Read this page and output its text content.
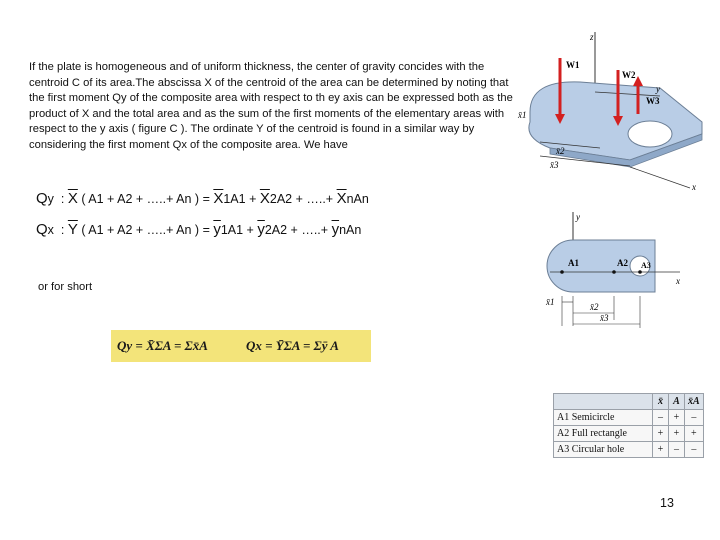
If the plate is homogeneous and of uniform thickness, the center of gravity concides with the centroid C of its area.The abscissa X of the centroid of the area can be determined by noting that the first moment Qy of the composite area with respect to th ey axis can be expressed both as the product of X and the total area and as the sum of the first moments of the elementary areas with respect to the y axis ( figure C ). The ordinate Y of the centroid is found in a similar way by considering the first moment Qx of the composite area. We have

Qy  : $\overline{X}$ ( A1 + A2 + …..+ An ) = $\overline{X}1A1 + \overline{X}2A2$ + …..+ $\overline{X}nAn$
Qx  : $\overline{Y}$ ( A1 + A2 + …..+ An ) = $\overline{y}1A1 + \overline{y}2A2$ + …..+ $\overline{y}nAn$
or for short
Qy = X̄ΣA = Σx̄A	Qx = ȲΣA = Σȳ A
z
y
W1
W2
W3
x̄1
x̄2
x̄3
x
y
x
A1	A2 A3
x̄1	x̄2
x̄3
	x̄	A	x̄A
A1 Semicircle	–	+	–
A2 Full rectangle	+	+	+
A3 Circular hole	+	–	–
13
